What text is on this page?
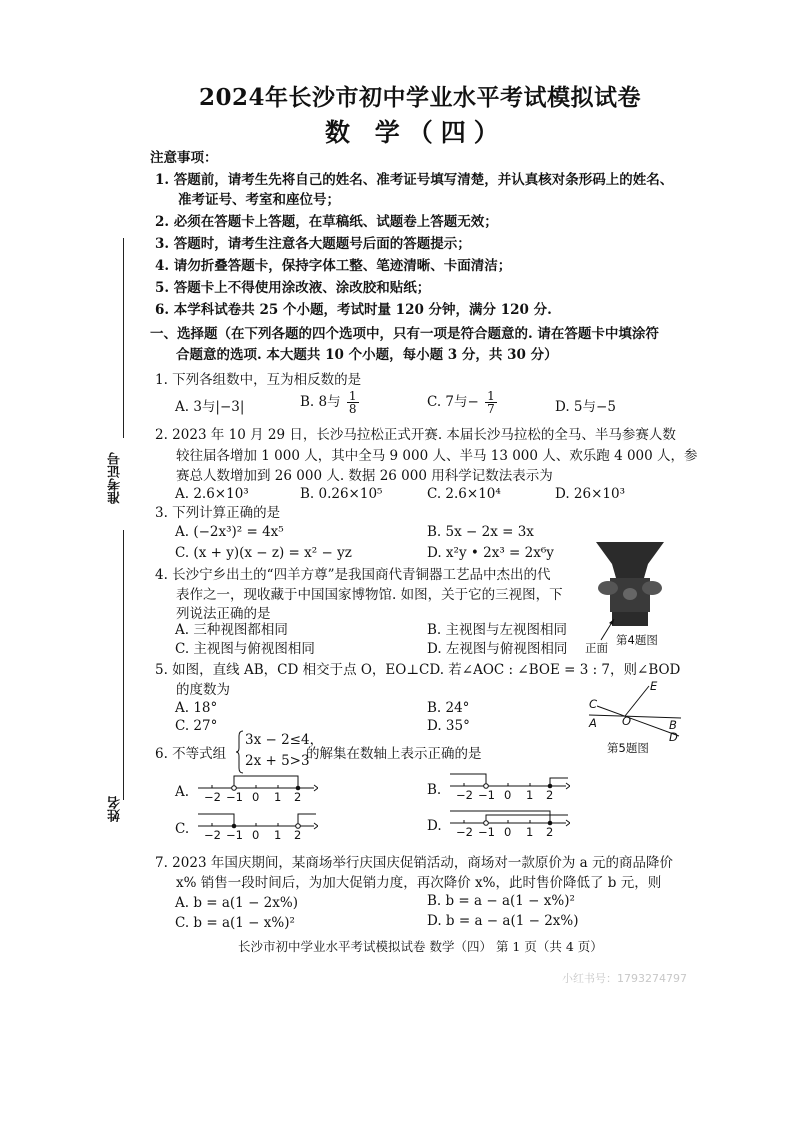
2024年长沙市初中学业水平考试模拟试卷
数 学（四）
注意事项：
1. 答题前，请考生先将自己的姓名、准考证号填写清楚，并认真核对条形码上的姓名、
准考证号、考室和座位号；
2. 必须在答题卡上答题，在草稿纸、试题卷上答题无效；
3. 答题时，请考生注意各大题题号后面的答题提示；
4. 请勿折叠答题卡，保持字体工整、笔迹清晰、卡面清洁；
5. 答题卡上不得使用涂改液、涂改胶和贴纸；
6. 本学科试卷共 25 个小题，考试时量 120 分钟，满分 120 分.
准考证号
姓名
一、选择题（在下列各题的四个选项中，只有一项是符合题意的. 请在答题卡中填涂符
合题意的选项. 本大题共 10 个小题，每小题 3 分，共 30 分）
1. 下列各组数中，互为相反数的是
A. 3与|−3|	B. 8与 $\frac{1}{8}$	C. 7与− $\frac{1}{7}$	D. 5与−5
2. 2023 年 10 月 29 日，长沙马拉松正式开赛. 本届长沙马拉松的全马、半马参赛人数
较往届各增加 1 000 人，其中全马 9 000 人、半马 13 000 人、欢乐跑 4 000 人，参
赛总人数增加到 26 000 人. 数据 26 000 用科学记数法表示为
A. 2.6×10³	B. 0.26×10⁵	C. 2.6×10⁴	D. 26×10³
3. 下列计算正确的是
A. (−2x³)² = 4x⁵	B. 5x − 2x = 3x
C. (x + y)(x − z) = x² − yz	D. x²y • 2x³ = 2x⁶y
4. 长沙宁乡出土的“四羊方尊”是我国商代青铜器工艺品中杰出的代
表作之一，现收藏于中国国家博物馆. 如图，关于它的三视图，下
列说法正确的是
A. 三种视图都相同	B. 主视图与左视图相同
C. 主视图与俯视图相同	D. 左视图与俯视图相同 正面
第4题图
5. 如图，直线 AB，CD 相交于点 O，EO⊥CD. 若∠AOC : ∠BOE = 3 : 7，则∠BOD
的度数为
A. 18°	B. 24°
C. 27°	D. 35°
C
E
A O	B
D
第5题图
6. 不等式组
3x − 2≤4，
2x + 5>3
的解集在数轴上表示正确的是
A.	B.
C.	D.
−2 −1 0 1 2	−2 −1 0 1 2
−2 −1 0 1 2	−2 −1 0 1 2
7. 2023 年国庆期间，某商场举行庆国庆促销活动，商场对一款原价为 a 元的商品降价
x% 销售一段时间后，为加大促销力度，再次降价 x%，此时售价降低了 b 元，则
A. b = a(1 − 2x%)	B. b = a − a(1 − x%)²
C. b = a(1 − x%)²	D. b = a − a(1 − 2x%)
长沙市初中学业水平考试模拟试卷 数学（四） 第 1 页（共 4 页）
小红书号：1793274797
